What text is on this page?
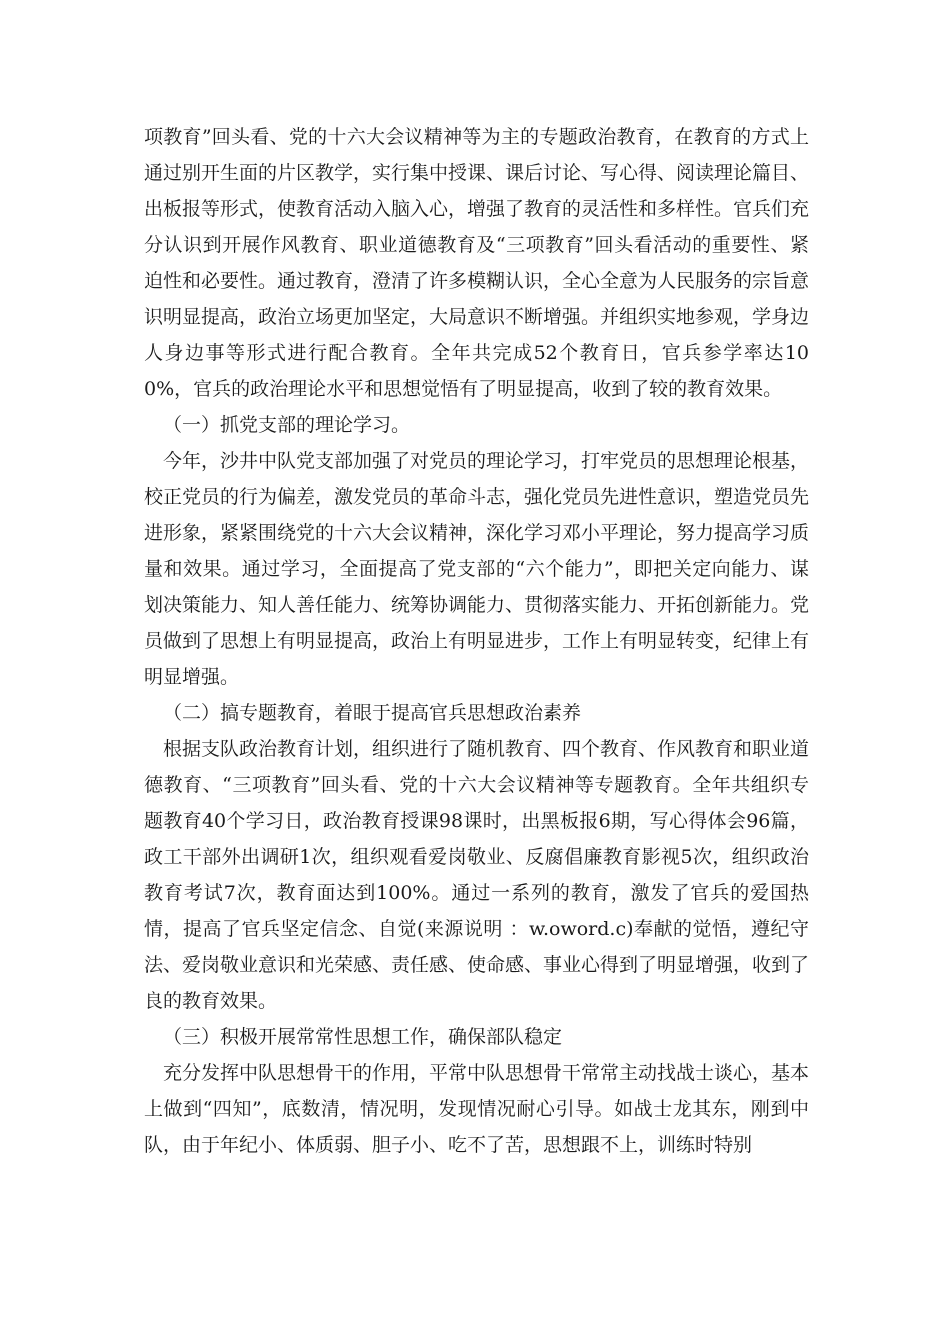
项教育”回头看、党的十六大会议精神等为主的专题政治教育，在教育的方式上通过别开生面的片区教学，实行集中授课、课后讨论、写心得、阅读理论篇目、出板报等形式，使教育活动入脑入心，增强了教育的灵活性和多样性。官兵们充分认识到开展作风教育、职业道德教育及“三项教育”回头看活动的重要性、紧迫性和必要性。通过教育，澄清了许多模糊认识，全心全意为人民服务的宗旨意识明显提高，政治立场更加坚定，大局意识不断增强。并组织实地参观，学身边人身边事等形式进行配合教育。全年共完成52个教育日，官兵参学率达100%，官兵的政治理论水平和思想觉悟有了明显提高，收到了较的教育效果。

（一）抓党支部的理论学习。

今年，沙井中队党支部加强了对党员的理论学习，打牢党员的思想理论根基，校正党员的行为偏差，激发党员的革命斗志，强化党员先进性意识，塑造党员先进形象，紧紧围绕党的十六大会议精神，深化学习邓小平理论，努力提高学习质量和效果。通过学习，全面提高了党支部的“六个能力”，即把关定向能力、谋划决策能力、知人善任能力、统筹协调能力、贯彻落实能力、开拓创新能力。党员做到了思想上有明显提高，政治上有明显进步，工作上有明显转变，纪律上有明显增强。

（二）搞专题教育，着眼于提高官兵思想政治素养

根据支队政治教育计划，组织进行了随机教育、四个教育、作风教育和职业道德教育、“三项教育”回头看、党的十六大会议精神等专题教育。全年共组织专题教育40个学习日，政治教育授课98课时，出黑板报6期，写心得体会96篇，政工干部外出调研1次，组织观看爱岗敬业、反腐倡廉教育影视5次，组织政治教育考试7次，教育面达到100%。通过一系列的教育，激发了官兵的爱国热情，提高了官兵坚定信念、自觉(来源说明 ：w.oword.c)奉献的觉悟，遵纪守法、爱岗敬业意识和光荣感、责任感、使命感、事业心得到了明显增强，收到了良的教育效果。

（三）积极开展常常性思想工作，确保部队稳定

充分发挥中队思想骨干的作用，平常中队思想骨干常常主动找战士谈心，基本上做到“四知”，底数清，情况明，发现情况耐心引导。如战士龙其东，刚到中队，由于年纪小、体质弱、胆子小、吃不了苦，思想跟不上，训练时特别
